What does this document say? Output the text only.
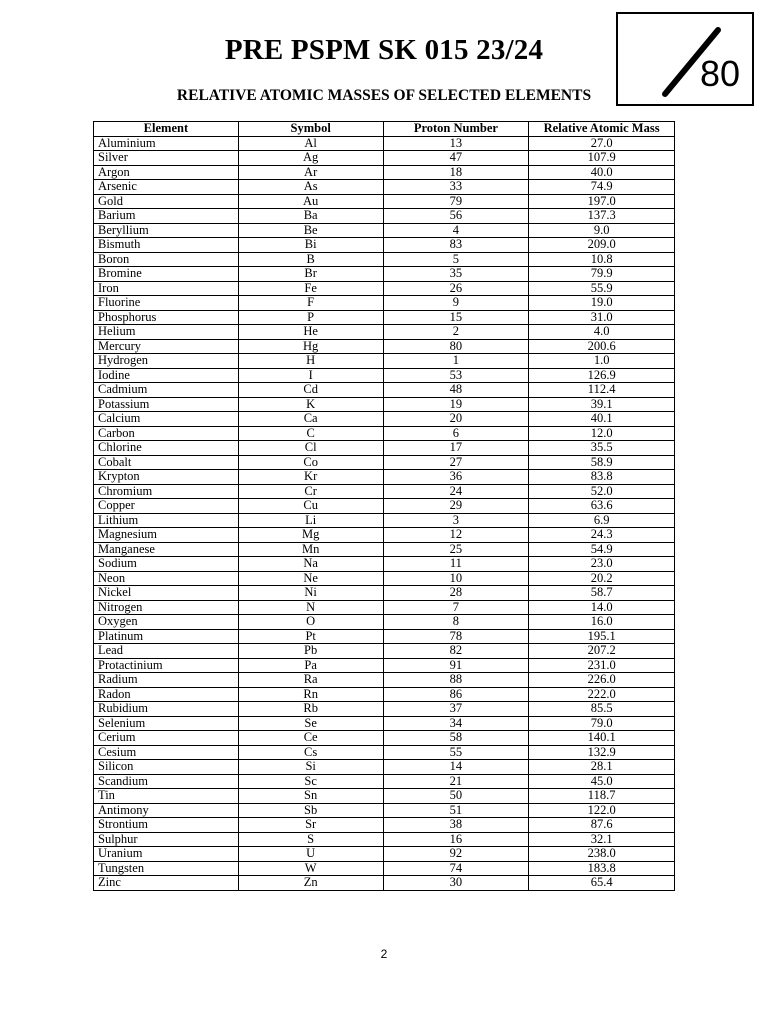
PRE PSPM SK 015 23/24
RELATIVE ATOMIC MASSES OF SELECTED ELEMENTS
80
Element	Symbol	Proton Number	Relative Atomic Mass
Aluminium	Al	13	27.0
Silver	Ag	47	107.9
Argon	Ar	18	40.0
Arsenic	As	33	74.9
Gold	Au	79	197.0
Barium	Ba	56	137.3
Beryllium	Be	4	9.0
Bismuth	Bi	83	209.0
Boron	B	5	10.8
Bromine	Br	35	79.9
Iron	Fe	26	55.9
Fluorine	F	9	19.0
Phosphorus	P	15	31.0
Helium	He	2	4.0
Mercury	Hg	80	200.6
Hydrogen	H	1	1.0
Iodine	I	53	126.9
Cadmium	Cd	48	112.4
Potassium	K	19	39.1
Calcium	Ca	20	40.1
Carbon	C	6	12.0
Chlorine	Cl	17	35.5
Cobalt	Co	27	58.9
Krypton	Kr	36	83.8
Chromium	Cr	24	52.0
Copper	Cu	29	63.6
Lithium	Li	3	6.9
Magnesium	Mg	12	24.3
Manganese	Mn	25	54.9
Sodium	Na	11	23.0
Neon	Ne	10	20.2
Nickel	Ni	28	58.7
Nitrogen	N	7	14.0
Oxygen	O	8	16.0
Platinum	Pt	78	195.1
Lead	Pb	82	207.2
Protactinium	Pa	91	231.0
Radium	Ra	88	226.0
Radon	Rn	86	222.0
Rubidium	Rb	37	85.5
Selenium	Se	34	79.0
Cerium	Ce	58	140.1
Cesium	Cs	55	132.9
Silicon	Si	14	28.1
Scandium	Sc	21	45.0
Tin	Sn	50	118.7
Antimony	Sb	51	122.0
Strontium	Sr	38	87.6
Sulphur	S	16	32.1
Uranium	U	92	238.0
Tungsten	W	74	183.8
Zinc	Zn	30	65.4
2
